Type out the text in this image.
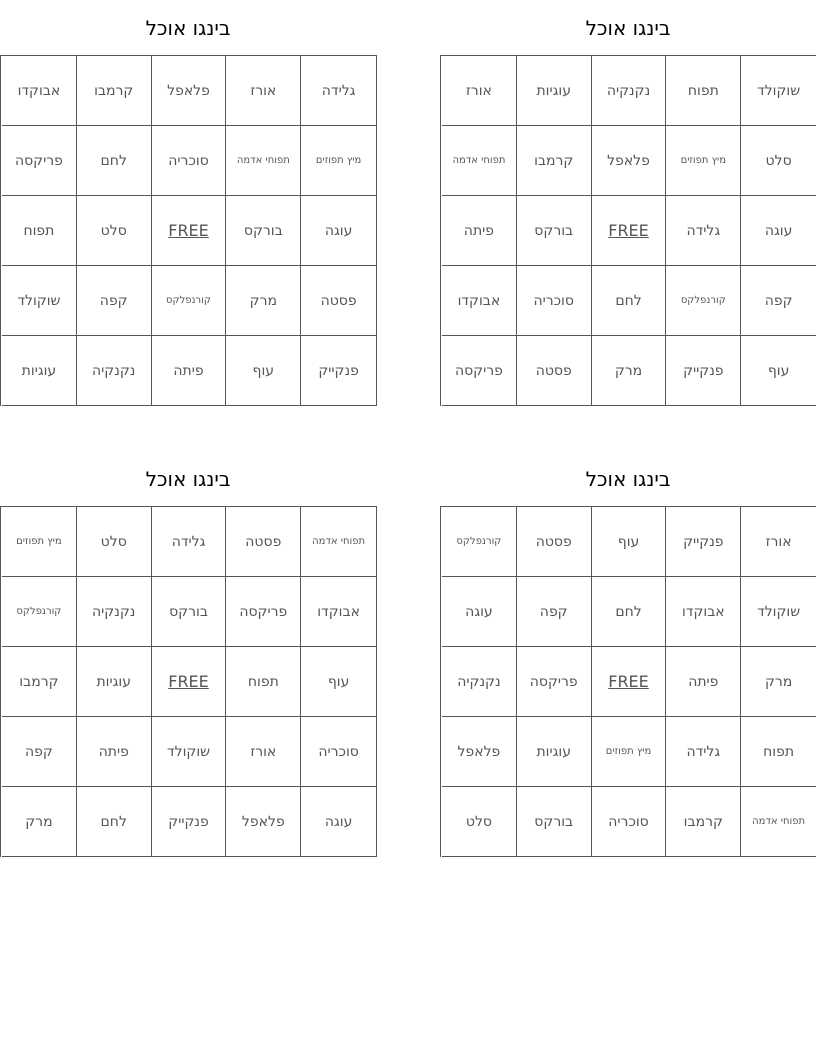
בינגו אוכל
שוקולד
תפוח
נקנקיה
עוגיות
אורז
סלט
מיץ תפוזים
פלאפל
קרמבו
תפוחי אדמה
עוגה
גלידה
FREE
בורקס
פיתה
קפה
קורנפלקס
לחם
סוכריה
אבוקדו
עוף
פנקייק
מרק
פסטה
פריקסה
בינגו אוכל
גלידה
אורז
פלאפל
קרמבו
אבוקדו
מיץ תפוזים
תפוחי אדמה
סוכריה
לחם
פריקסה
עוגה
בורקס
FREE
סלט
תפוח
פסטה
מרק
קורנפלקס
קפה
שוקולד
פנקייק
עוף
פיתה
נקנקיה
עוגיות
בינגו אוכל
אורז
פנקייק
עוף
פסטה
קורנפלקס
שוקולד
אבוקדו
לחם
קפה
עוגה
מרק
פיתה
FREE
פריקסה
נקנקיה
תפוח
גלידה
מיץ תפוזים
עוגיות
פלאפל
תפוחי אדמה
קרמבו
סוכריה
בורקס
סלט
בינגו אוכל
תפוחי אדמה
פסטה
גלידה
סלט
מיץ תפוזים
אבוקדו
פריקסה
בורקס
נקנקיה
קורנפלקס
עוף
תפוח
FREE
עוגיות
קרמבו
סוכריה
אורז
שוקולד
פיתה
קפה
עוגה
פלאפל
פנקייק
לחם
מרק
